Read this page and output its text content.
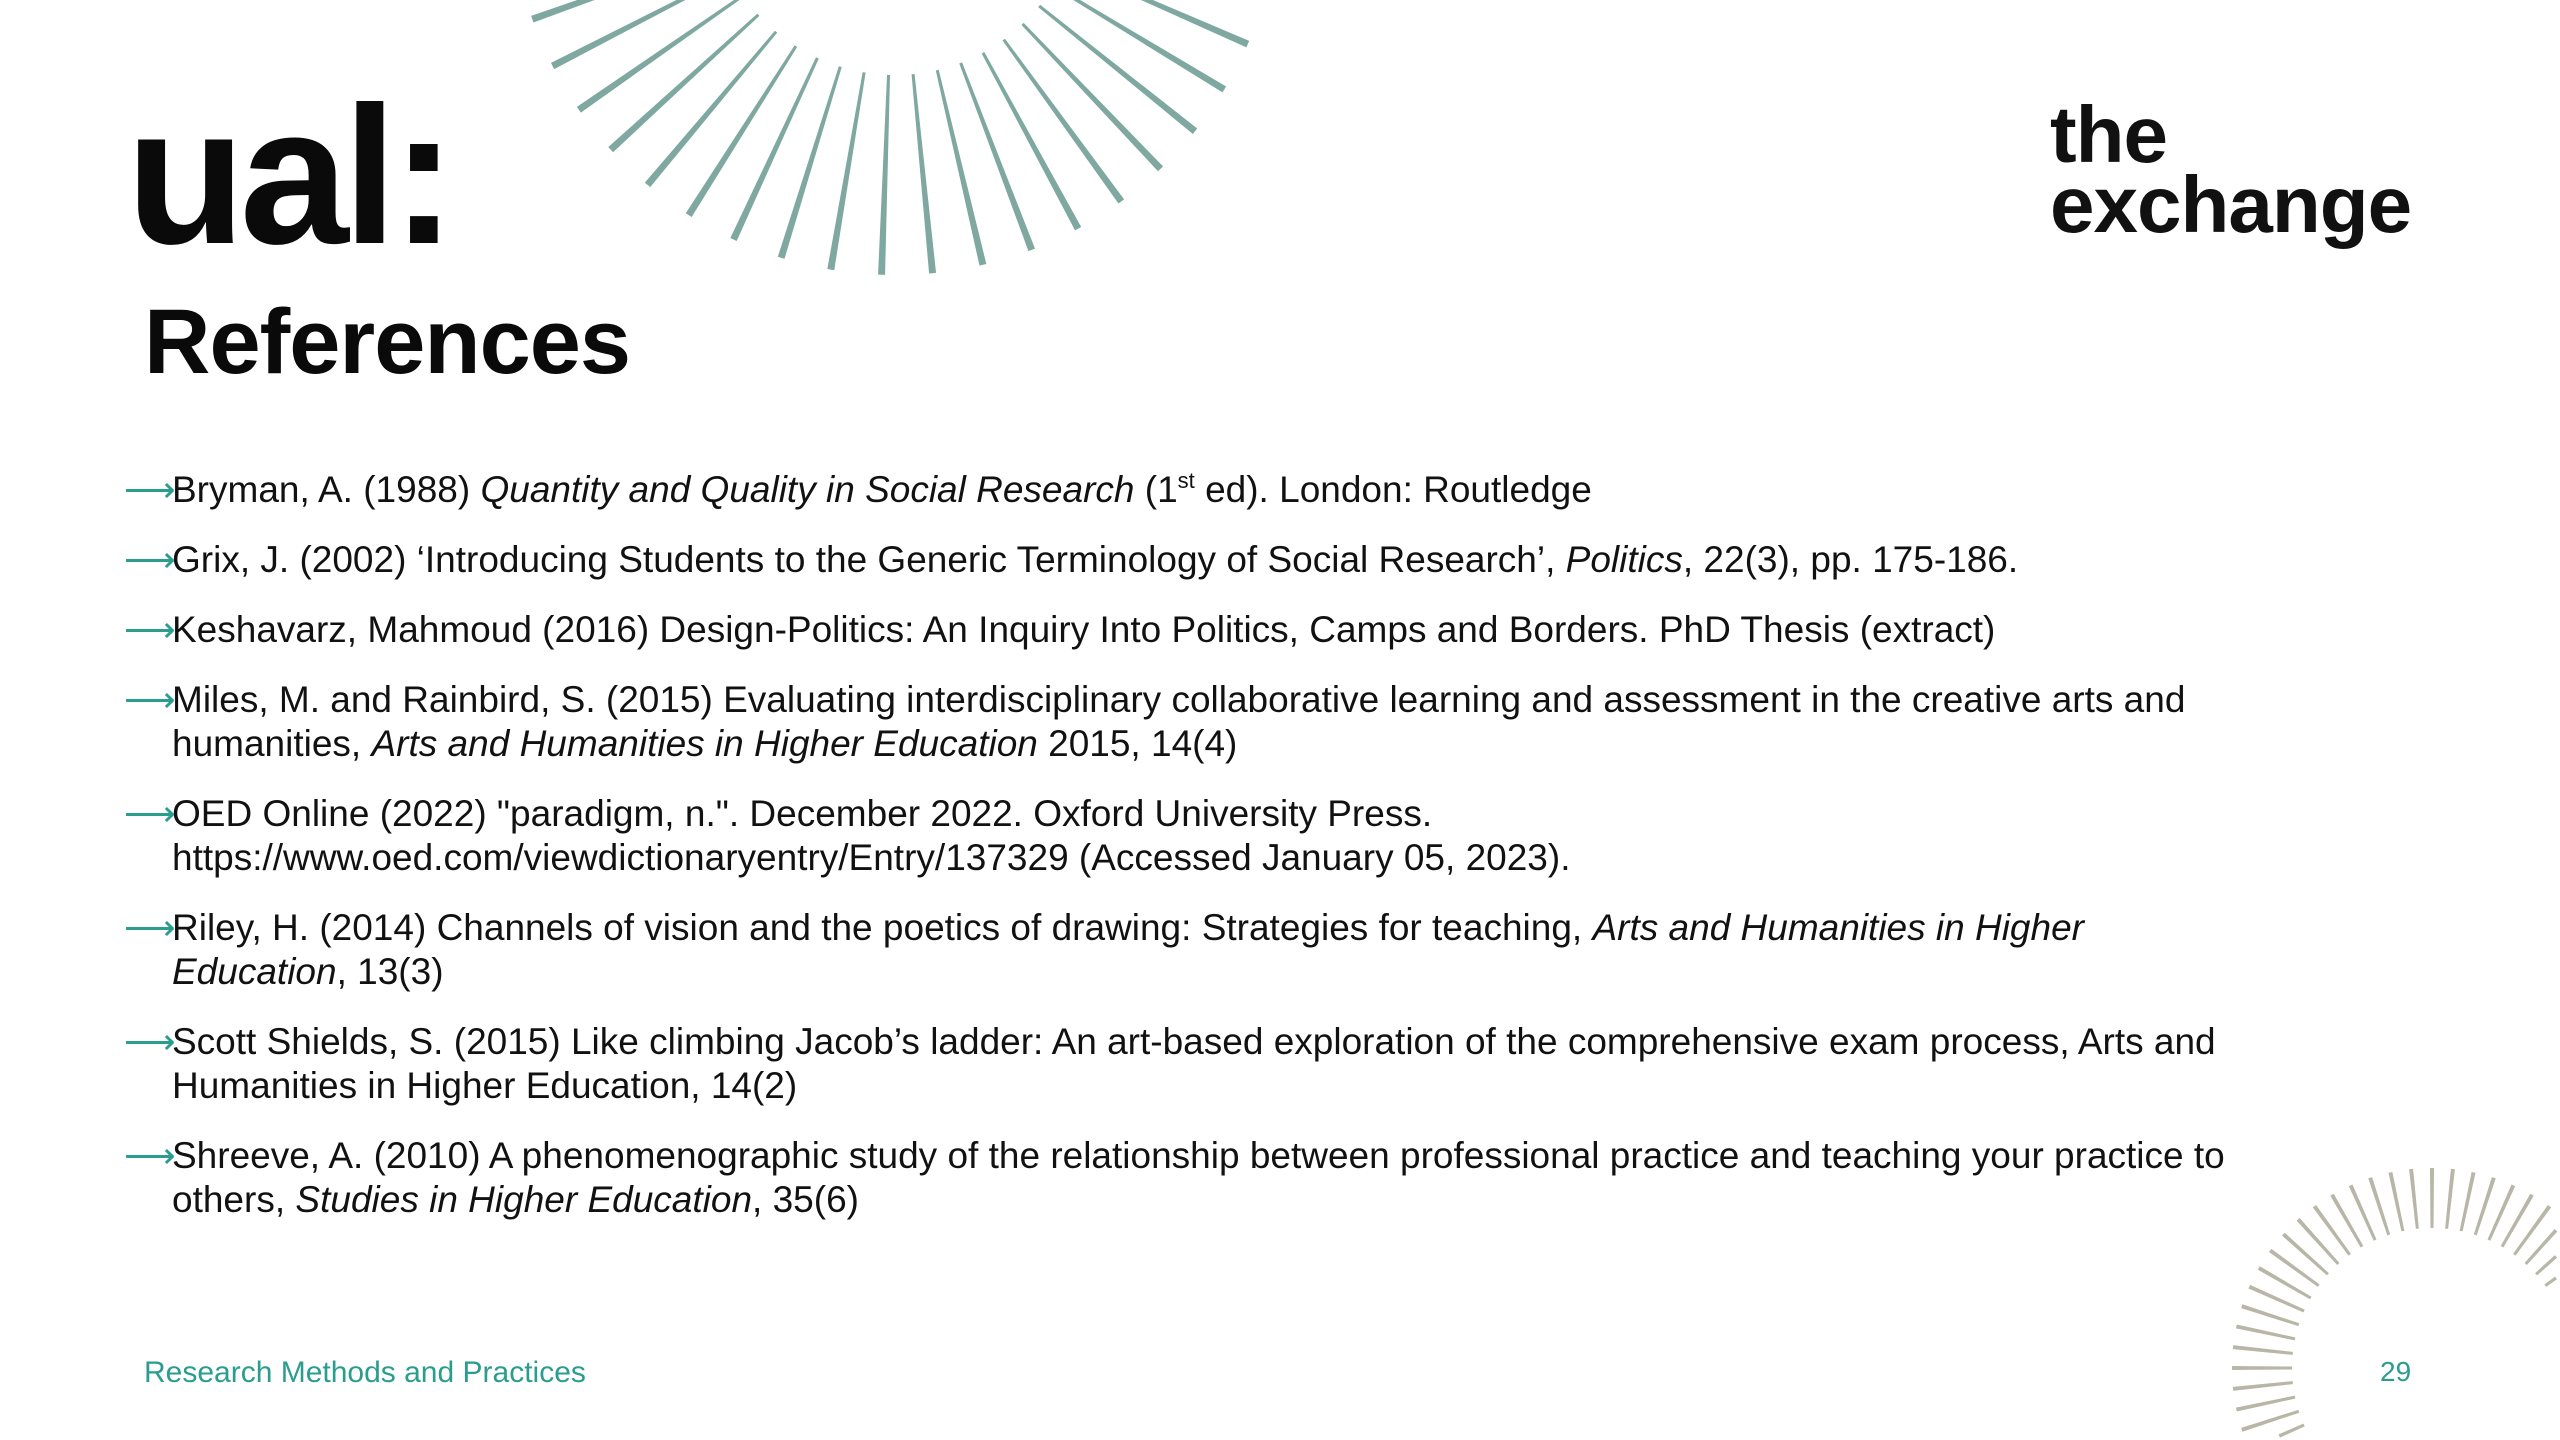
ual:	the
exchange
References
⟶
Bryman, A. (1988) Quantity and Quality in Social Research (1st ed). London: Routledge
⟶
Grix, J. (2002) ‘Introducing Students to the Generic Terminology of Social Research’, Politics, 22(3), pp. 175-186.
⟶
Keshavarz, Mahmoud (2016) Design-Politics: An Inquiry Into Politics, Camps and Borders. PhD Thesis (extract)
⟶
Miles, M. and Rainbird, S. (2015) Evaluating interdisciplinary collaborative learning and assessment in the creative arts and
humanities, Arts and Humanities in Higher Education 2015, 14(4)
⟶
OED Online (2022) "paradigm, n.". December 2022. Oxford University Press.
https://www.oed.com/viewdictionaryentry/Entry/137329 (Accessed January 05, 2023).
⟶
Riley, H. (2014) Channels of vision and the poetics of drawing: Strategies for teaching, Arts and Humanities in Higher
Education, 13(3)
⟶
Scott Shields, S. (2015) Like climbing Jacob’s ladder: An art-based exploration of the comprehensive exam process, Arts and
Humanities in Higher Education, 14(2)
⟶
Shreeve, A. (2010) A phenomenographic study of the relationship between professional practice and teaching your practice to
others, Studies in Higher Education, 35(6)
Research Methods and Practices	29
